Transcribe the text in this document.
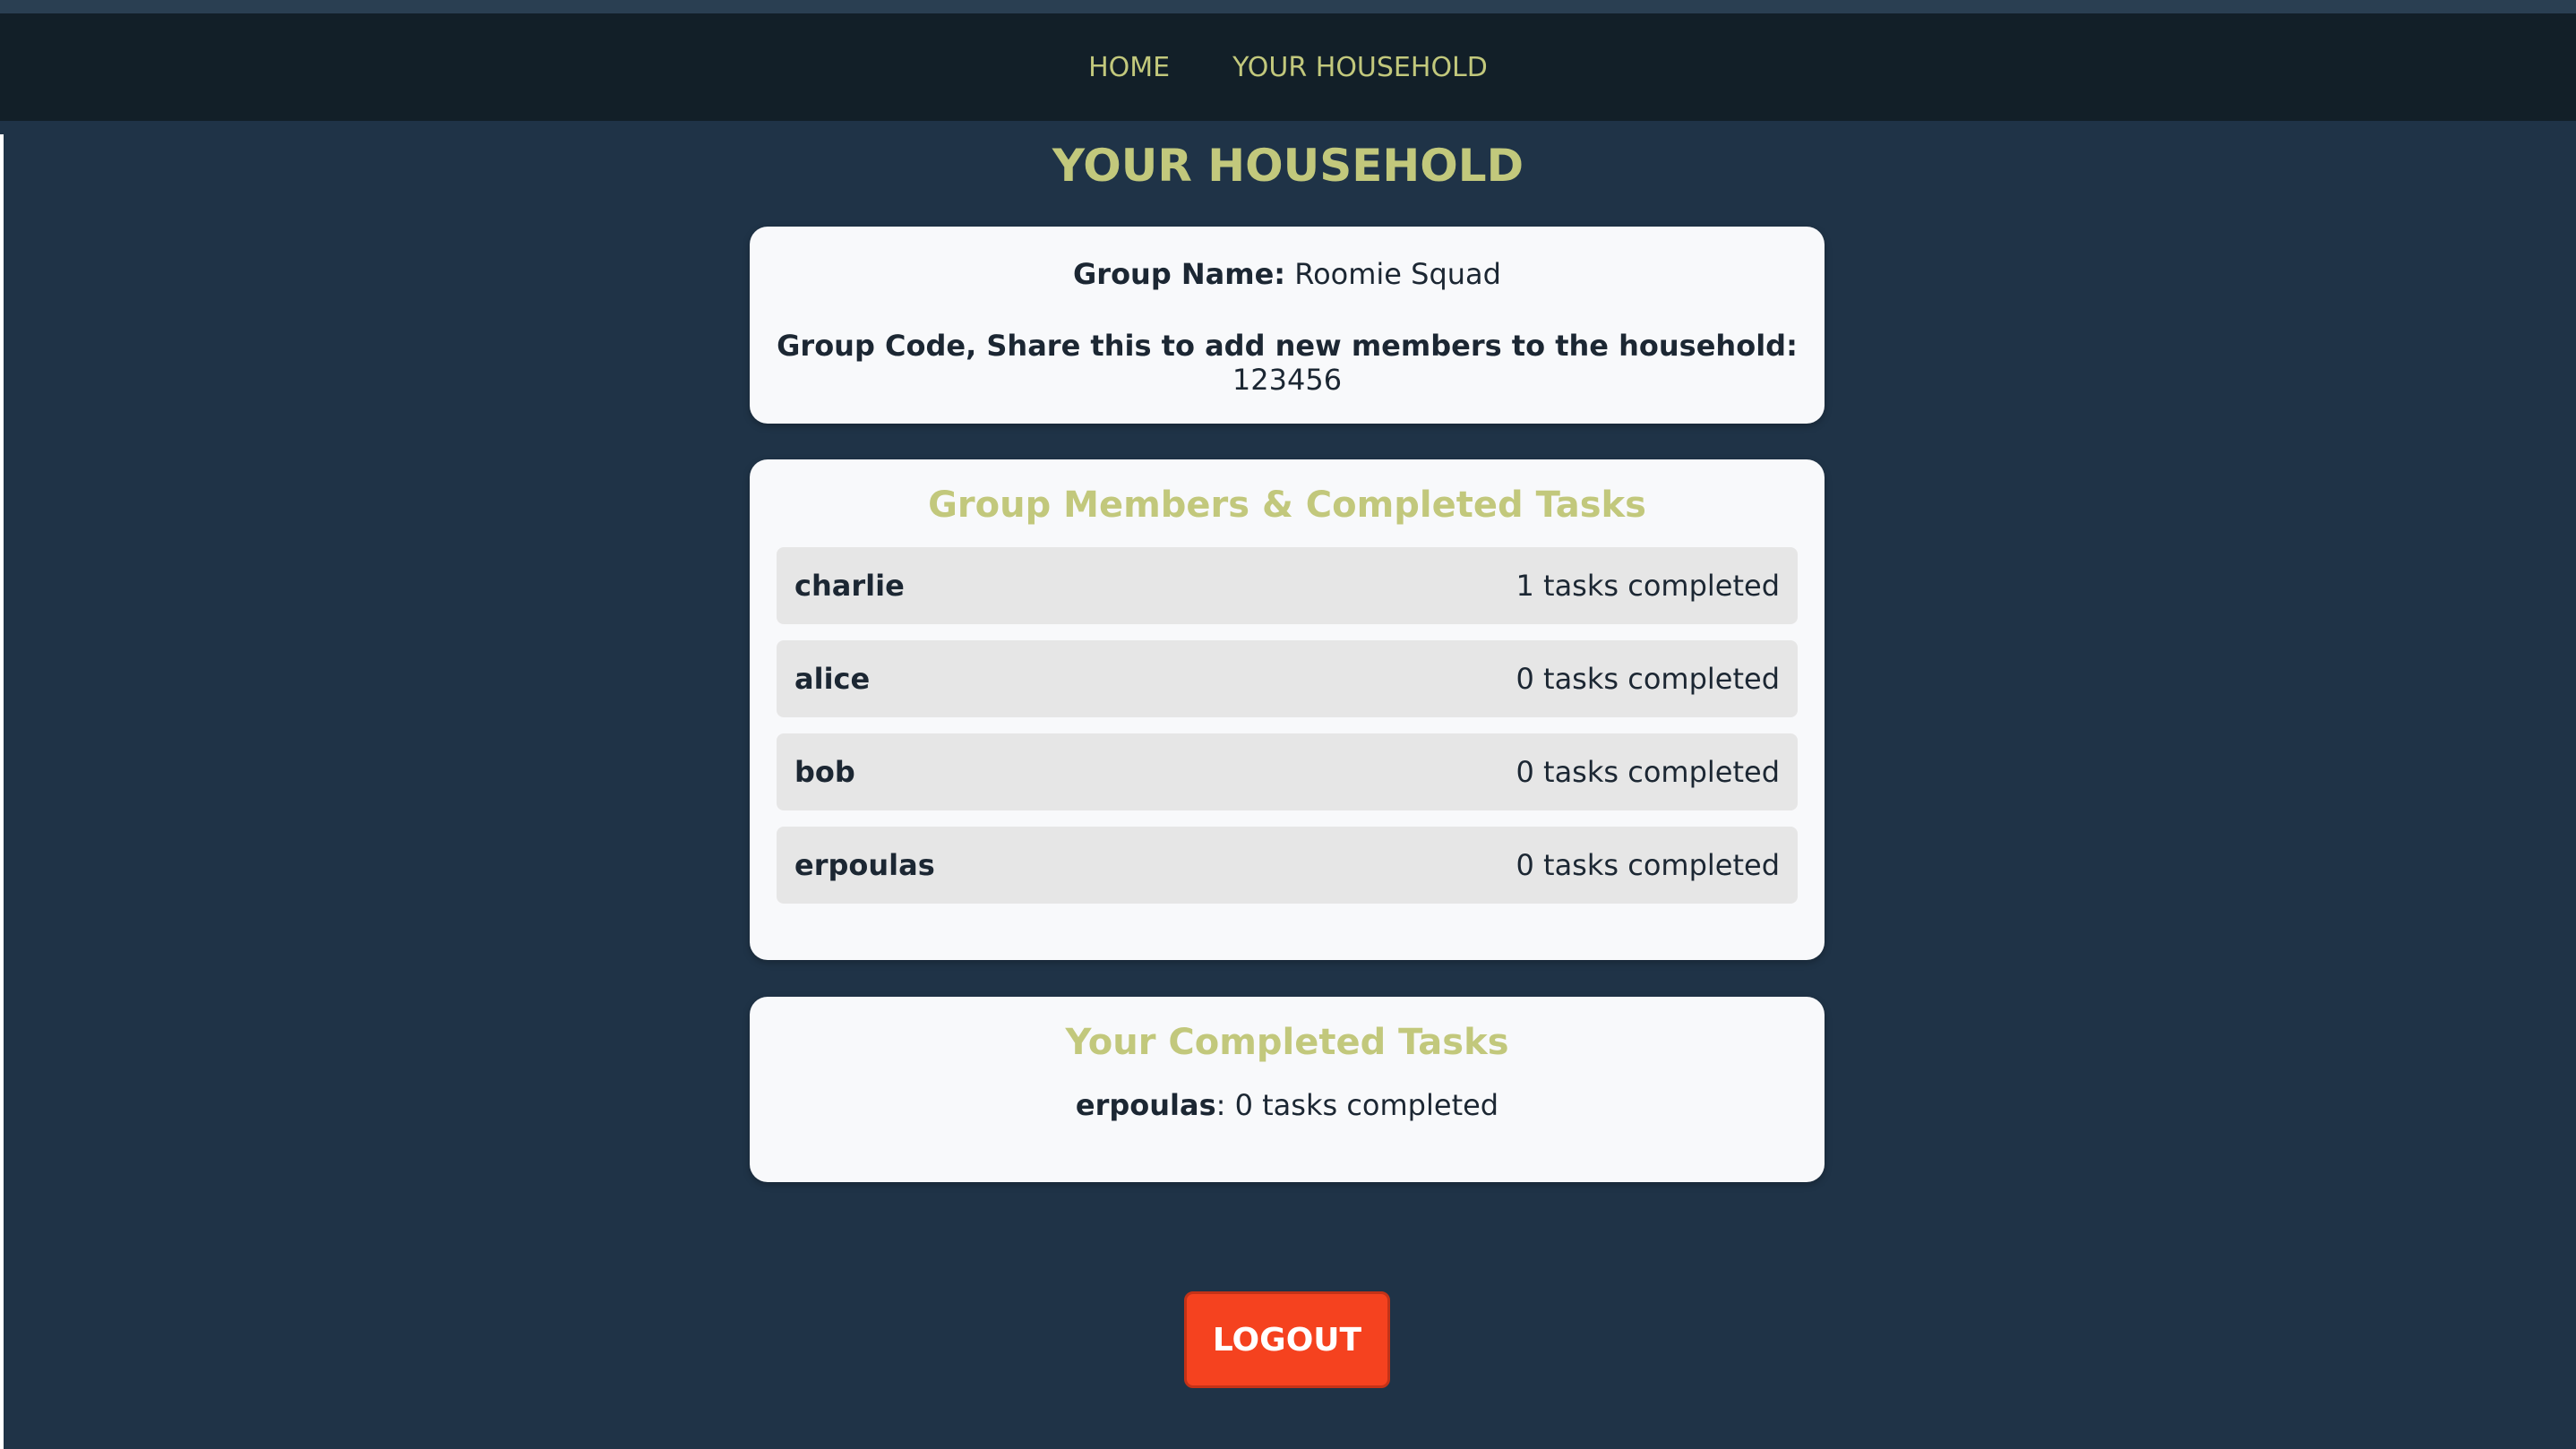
HOME YOUR HOUSEHOLD
YOUR HOUSEHOLD
Group Name: Roomie Squad
Group Code, Share this to add new members to the household: 123456
Group Members & Completed Tasks
charlie	1 tasks completed
alice	0 tasks completed
bob	0 tasks completed
erpoulas	0 tasks completed
Your Completed Tasks
erpoulas: 0 tasks completed
LOGOUT
